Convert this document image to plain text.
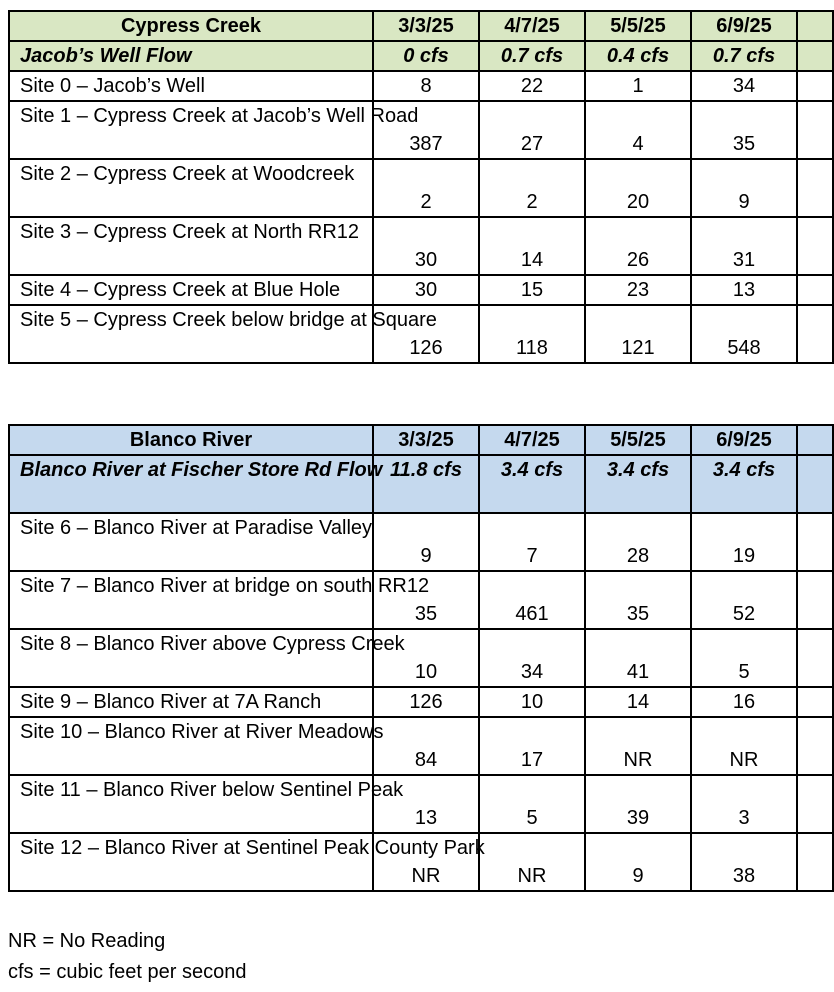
Cypress Creek	3/3/25	4/7/25	5/5/25	6/9/25	
Jacob’s Well Flow	0 cfs	0.7 cfs	0.4 cfs	0.7 cfs	
Site 0 – Jacob’s Well	8	22	1	34	
Site 1 – Cypress Creek at Jacob’s Well Road	387	27	4	35	
Site 2 – Cypress Creek at Woodcreek	2	2	20	9	
Site 3 – Cypress Creek at North RR12	30	14	26	31	
Site 4 – Cypress Creek at Blue Hole	30	15	23	13	
Site 5 – Cypress Creek below bridge at Square	126	118	121	548	
Blanco River	3/3/25	4/7/25	5/5/25	6/9/25	
Blanco River at Fischer Store Rd Flow	11.8 cfs	3.4 cfs	3.4 cfs	3.4 cfs	
Site 6 – Blanco River at Paradise Valley	9	7	28	19	
Site 7 – Blanco River at bridge on south RR12	35	461	35	52	
Site 8 – Blanco River above Cypress Creek	10	34	41	5	
Site 9 – Blanco River at 7A Ranch	126	10	14	16	
Site 10 – Blanco River at River Meadows	84	17	NR	NR	
Site 11 – Blanco River below Sentinel Peak	13	5	39	3	
Site 12 – Blanco River at Sentinel Peak County Park	NR	NR	9	38	
NR = No Reading
cfs = cubic feet per second
